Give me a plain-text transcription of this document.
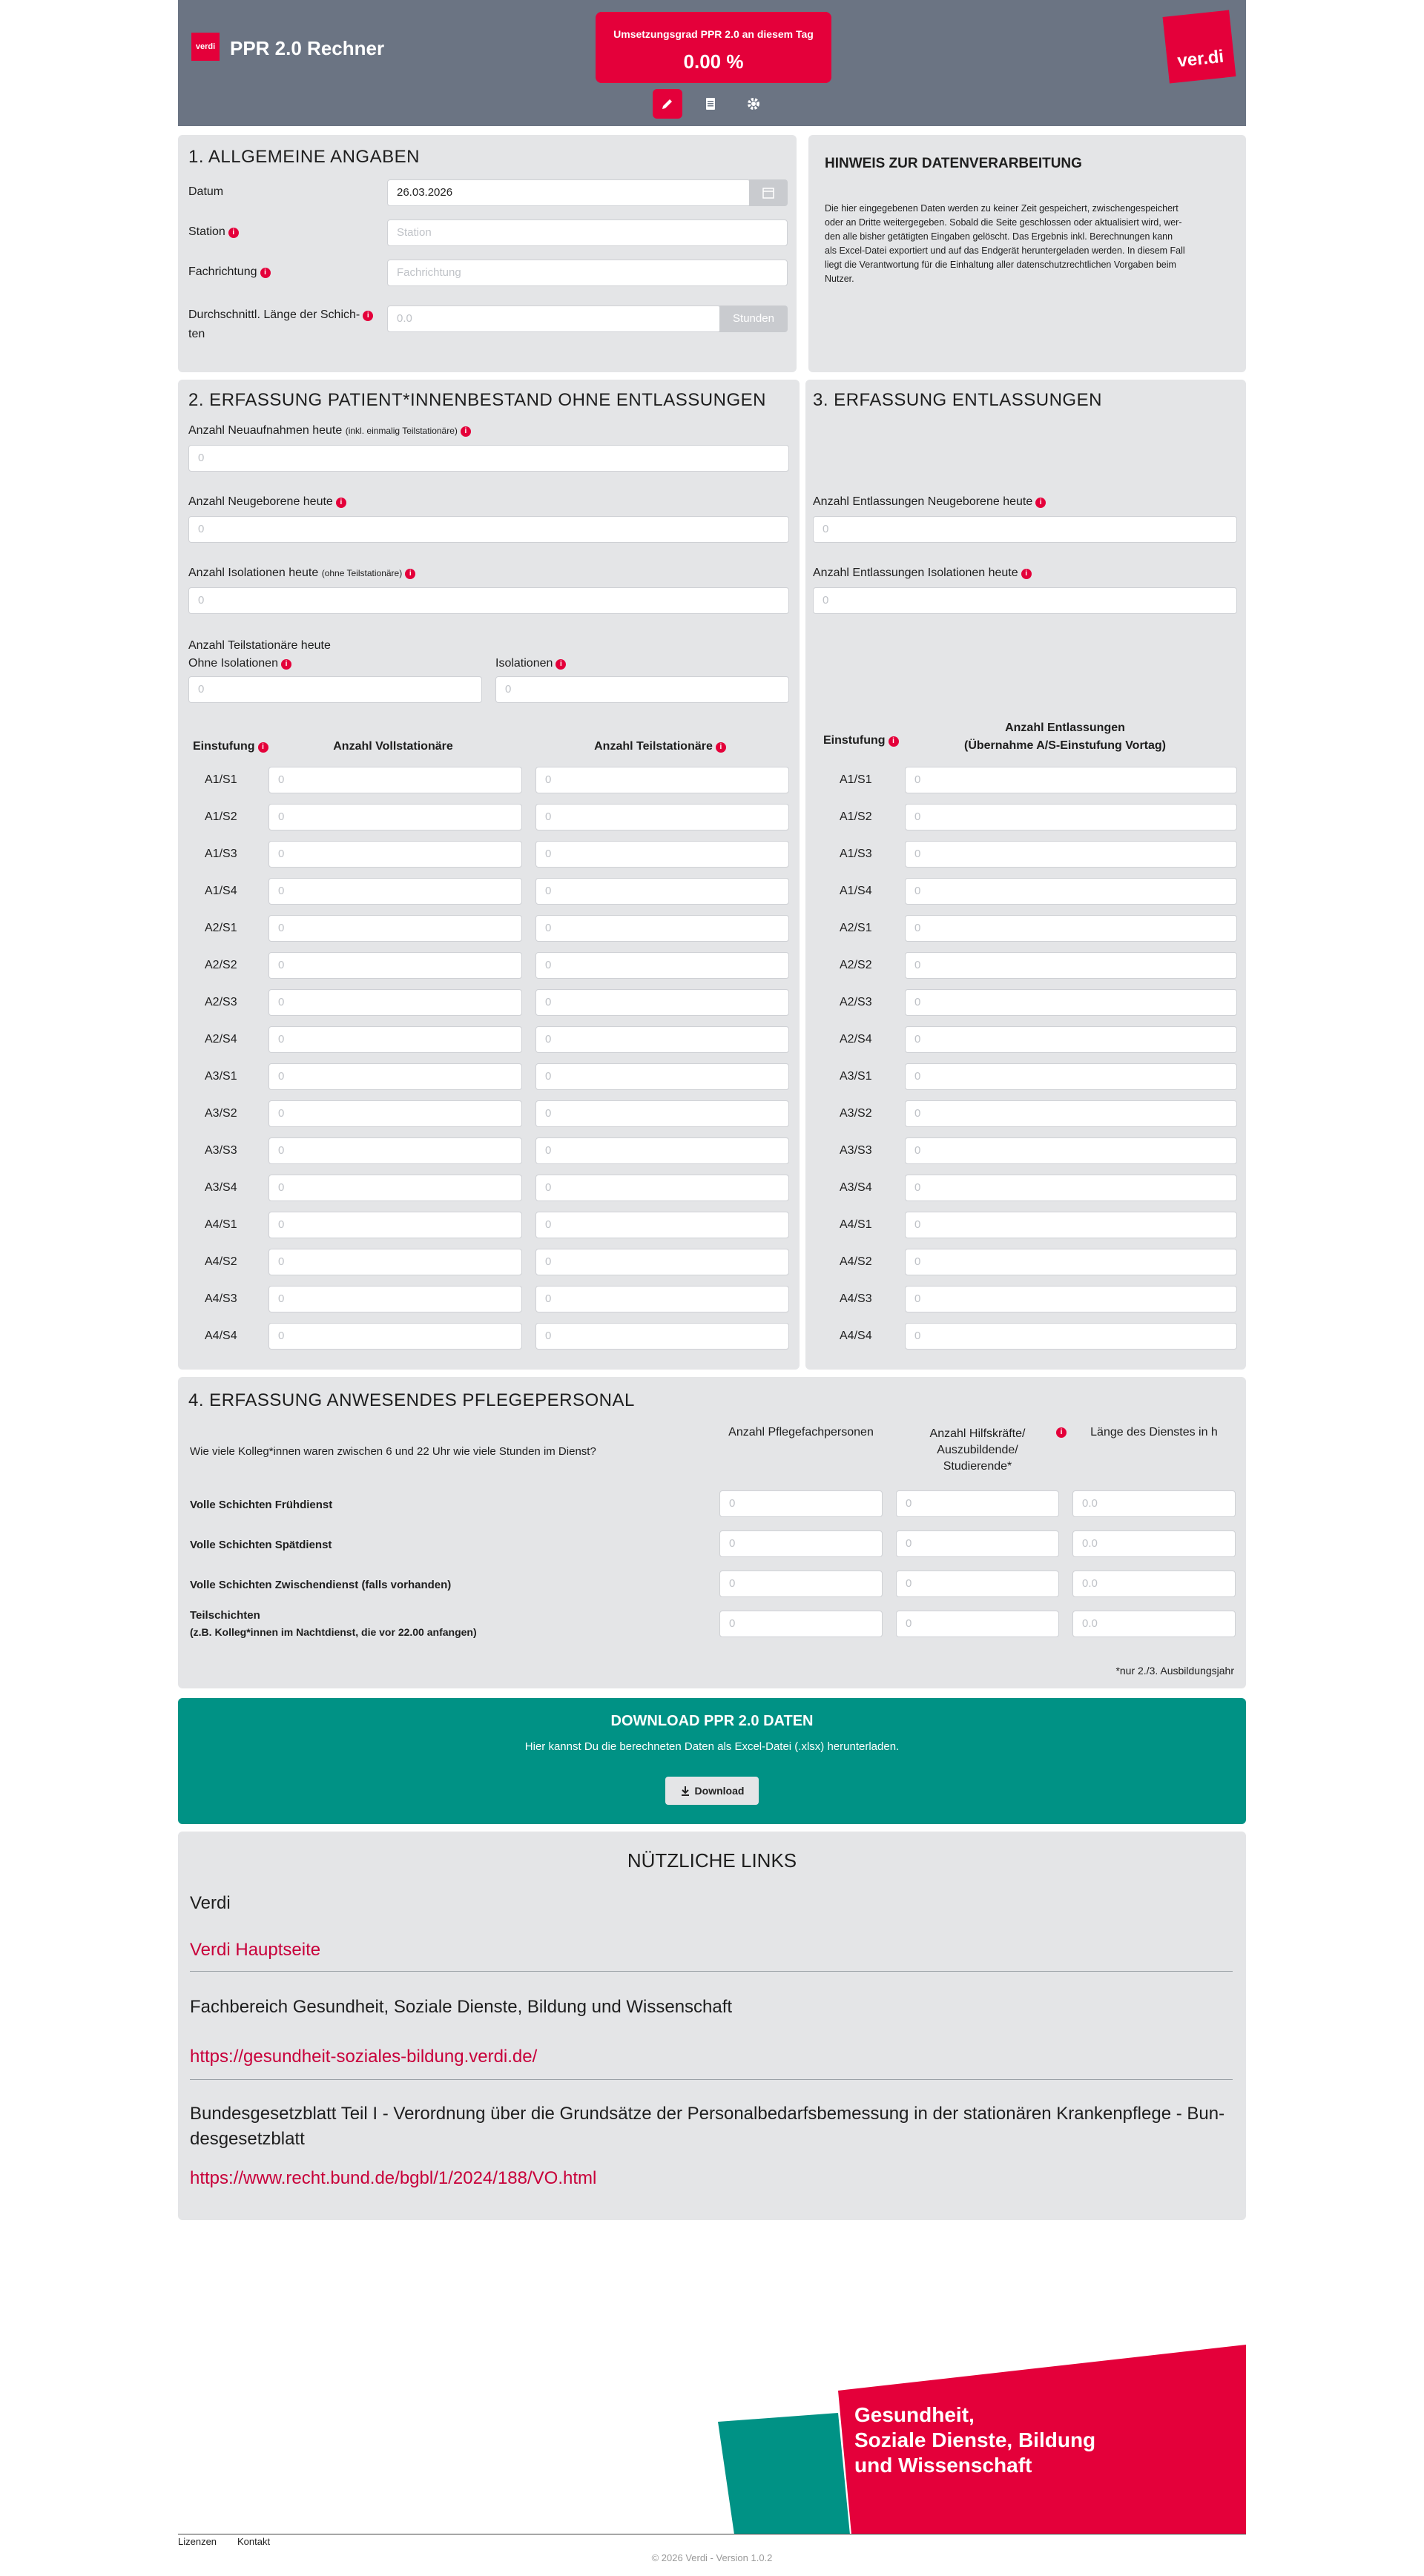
verdi PPR 2.0 Rechner
Umsetzungsgrad PPR 2.0 an diesem Tag
0.00 %	ver.di
1. ALLGEMEINE ANGABEN
Datum	26.03.2026
Station i	Station
Fachrichtung i	Fachrichtung
Durchschnittl. Länge der Schich- i
ten
0.0	Stunden
HINWEIS ZUR DATENVERARBEITUNG
Die hier eingegebenen Daten werden zu keiner Zeit gespeichert, zwischengespeichert
oder an Dritte weitergegeben. Sobald die Seite geschlossen oder aktualisiert wird, wer-
den alle bisher getätigten Eingaben gelöscht. Das Ergebnis inkl. Berechnungen kann
als Excel-Datei exportiert und auf das Endgerät heruntergeladen werden. In diesem Fall
liegt die Verantwortung für die Einhaltung aller datenschutzrechtlichen Vorgaben beim
Nutzer.
2. ERFASSUNG PATIENT*INNENBESTAND OHNE ENTLASSUNGEN
Anzahl Neuaufnahmen heute (inkl. einmalig Teilstationäre) i
0
Anzahl Neugeborene heute i
0
Anzahl Isolationen heute (ohne Teilstationäre) i
0
Anzahl Teilstationäre heute
Ohne Isolationen i
0
Isolationen i
0
Einstufung i	Anzahl Vollstationäre	Anzahl Teilstationäre i
A1/S1	0	0
A1/S2	0	0
A1/S3	0	0
A1/S4	0	0
A2/S1	0	0
A2/S2	0	0
A2/S3	0	0
A2/S4	0	0
A3/S1	0	0
A3/S2	0	0
A3/S3	0	0
A3/S4	0	0
A4/S1	0	0
A4/S2	0	0
A4/S3	0	0
A4/S4	0	0
3. ERFASSUNG ENTLASSUNGEN
Anzahl Entlassungen Neugeborene heute i
0
Anzahl Entlassungen Isolationen heute i
0
Einstufung i
Anzahl Entlassungen
(Übernahme A/S-Einstufung Vortag)
A1/S1	0
A1/S2	0
A1/S3	0
A1/S4	0
A2/S1	0
A2/S2	0
A2/S3	0
A2/S4	0
A3/S1	0
A3/S2	0
A3/S3	0
A3/S4	0
A4/S1	0
A4/S2	0
A4/S3	0
A4/S4	0
4. ERFASSUNG ANWESENDES PFLEGEPERSONAL
Wie viele Kolleg*innen waren zwischen 6 und 22 Uhr wie viele Stunden im Dienst?
Anzahl Pflegefachpersonen	Anzahl Hilfskräfte/
Auszubildende/
Studierende*
i	Länge des Dienstes in h
Volle Schichten Frühdienst	0	0	0.0
Volle Schichten Spätdienst	0	0	0.0
Volle Schichten Zwischendienst (falls vorhanden)	0	0	0.0
Teilschichten
(z.B. Kolleg*innen im Nachtdienst, die vor 22.00 anfangen)
0	0	0.0
*nur 2./3. Ausbildungsjahr
DOWNLOAD PPR 2.0 DATEN
Hier kannst Du die berechneten Daten als Excel-Datei (.xlsx) herunterladen.
Download
NÜTZLICHE LINKS
Verdi
Verdi Hauptseite
Fachbereich Gesundheit, Soziale Dienste, Bildung und Wissenschaft
https://gesundheit-soziales-bildung.verdi.de/
Bundesgesetzblatt Teil I - Verordnung über die Grundsätze der Personalbedarfsbemessung in der stationären Krankenpflege - Bun-desgesetzblatt
https://www.recht.bund.de/bgbl/1/2024/188/VO.html
Gesundheit,
Soziale Dienste, Bildung
und Wissenschaft
Lizenzen Kontakt
© 2026 Verdi - Version 1.0.2
